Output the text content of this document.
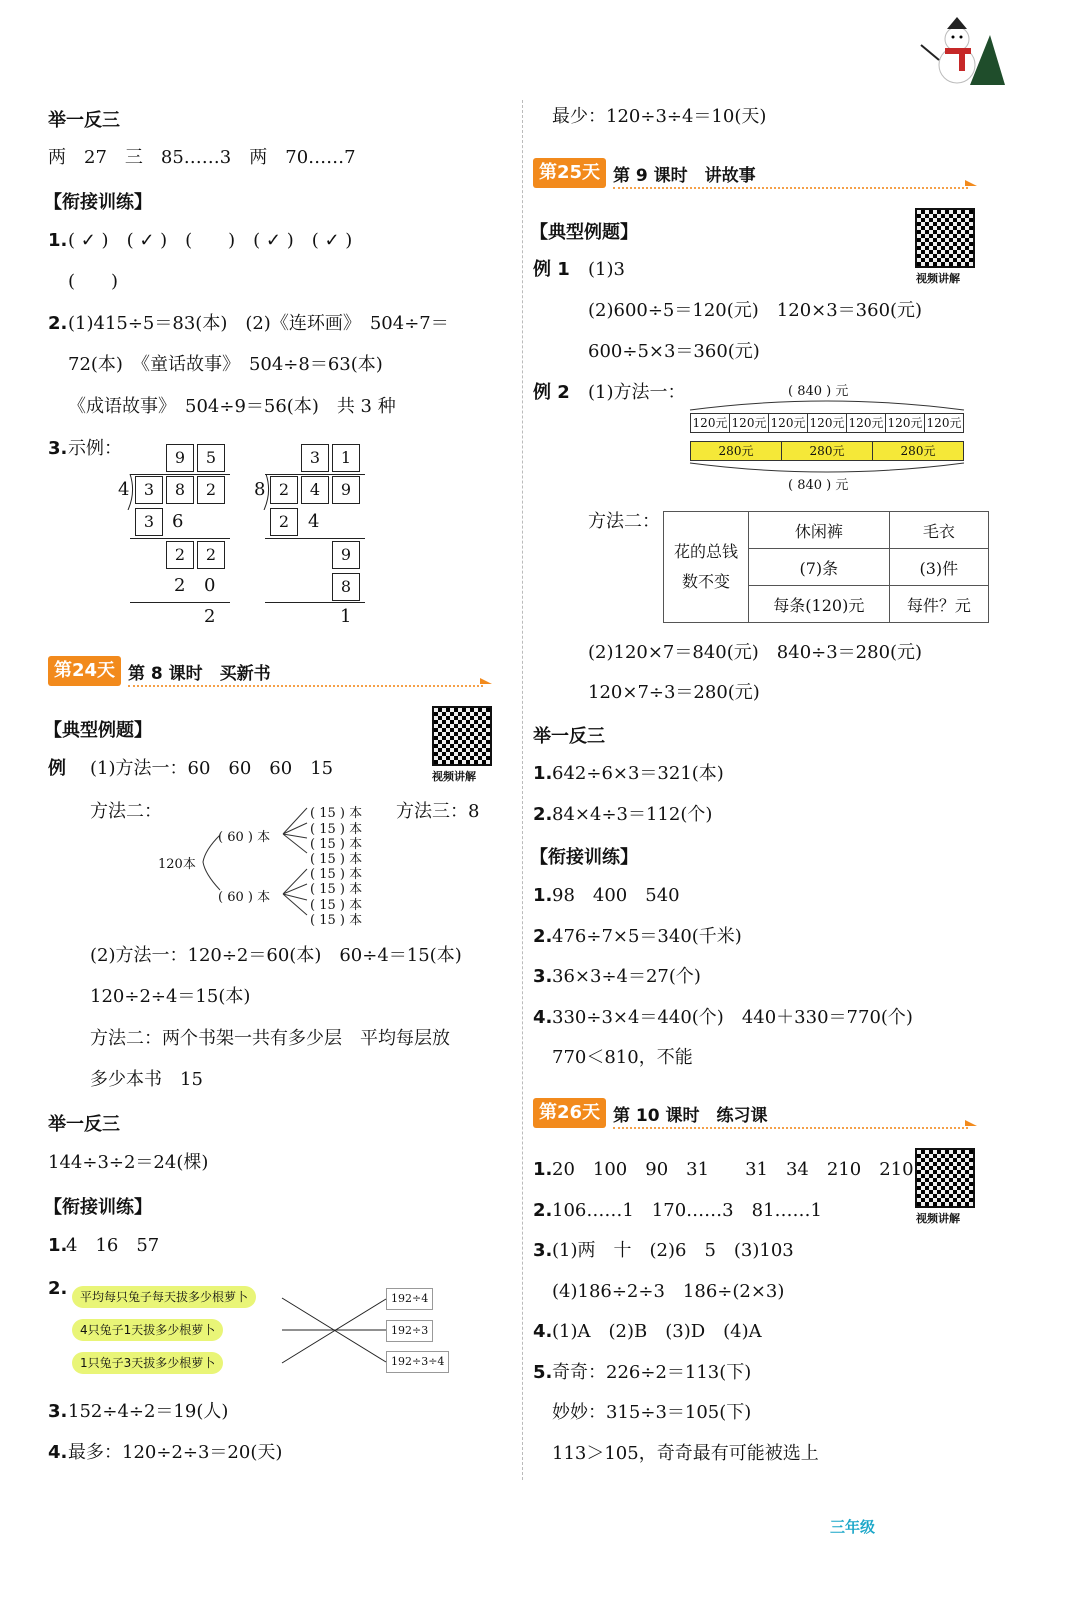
举一反三
两　27　三　85……3　两　70……7
【衔接训练】
1. ( ✓ )　( ✓ )　(　　)　( ✓ )　( ✓ )
(　　)
2. (1)415÷5＝83(本)　(2)《连环画》　504÷7＝
72(本)　《童话故事》　504÷8＝63(本)
《成语故事》　504÷9＝56(本)　共 3 种
3. 示例：	9	5
4 3	8	2
3 6
2	2
2 0
2
3	1
8 2	4	9
2	4
9
8
1
第24天 第 8 课时　买新书
【典型例题】
视频讲解
例 (1)方法一：60　60　60　15
方法二：	方法三：8
120本
( 60 ) 本
( 60 ) 本
( 15 ) 本
( 15 ) 本
( 15 ) 本
( 15 ) 本
( 15 ) 本
( 15 ) 本
( 15 ) 本
( 15 ) 本
(2)方法一：120÷2＝60(本)　60÷4＝15(本)
120÷2÷4＝15(本)
方法二：两个书架一共有多少层　平均每层放
多少本书　15
举一反三
144÷3÷2＝24(棵)
【衔接训练】
1.
4　16　57
2.	平均每只兔子每天拔多少根萝卜
4只兔子1天拔多少根萝卜
1只兔子3天拔多少根萝卜
192÷4
192÷3
192÷3÷4
3. 152÷4÷2＝19(人)
4. 最多：120÷2÷3＝20(天)
最少：120÷3÷4＝10(天)
第25天 第 9 课时　讲故事
【典型例题】
视频讲解
例 1 (1)3
(2)600÷5＝120(元)　120×3＝360(元)
600÷5×3＝360(元)
例 2 (1)方法一：	( 840 ) 元
120元 120元 120元 120元 120元 120元 120元
280元	280元	280元
( 840 ) 元
方法二：
花的总钱
数不变	休闲裤	毛衣
	(7)条	(3)件
	每条(120)元	每件？元
(2)120×7＝840(元)　840÷3＝280(元)
120×7÷3＝280(元)
举一反三
1. 642÷6×3＝321(本)
2. 84×4÷3＝112(个)
【衔接训练】
1. 98　400　540
2. 476÷7×5＝340(千米)
3. 36×3÷4＝27(个)
4. 330÷3×4＝440(个)　440＋330＝770(个)
770＜810，不能
第26天 第 10 课时　练习课
视频讲解
1. 20　100　90　31　　31　34　210　210
2. 106……1　170……3　81……1
3. (1)两　十　(2)6　5　(3)103
(4)186÷2÷3　186÷(2×3)
4. (1)A　(2)B　(3)D　(4)A
5. 奇奇：226÷2＝113(下)
妙妙：315÷3＝105(下)
113＞105，奇奇最有可能被选上
三年级
